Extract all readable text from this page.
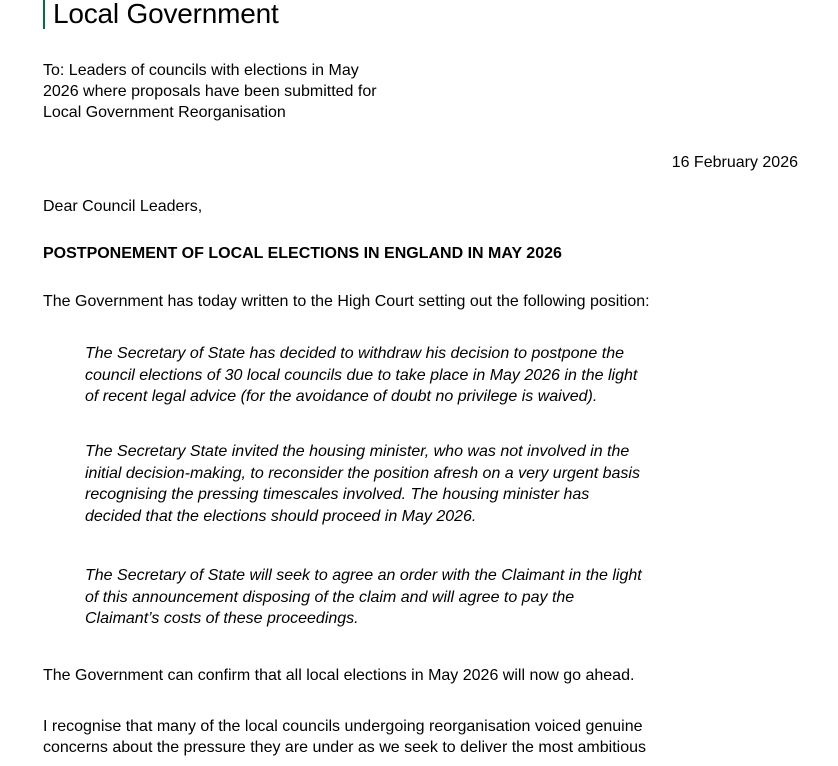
Local Government
To: Leaders of councils with elections in May
2026 where proposals have been submitted for
Local Government Reorganisation
16 February 2026
Dear Council Leaders,
POSTPONEMENT OF LOCAL ELECTIONS IN ENGLAND IN MAY 2026
The Government has today written to the High Court setting out the following position:
The Secretary of State has decided to withdraw his decision to postpone the
council elections of 30 local councils due to take place in May 2026 in the light
of recent legal advice (for the avoidance of doubt no privilege is waived).
The Secretary State invited the housing minister, who was not involved in the
initial decision-making, to reconsider the position afresh on a very urgent basis
recognising the pressing timescales involved. The housing minister has
decided that the elections should proceed in May 2026.
The Secretary of State will seek to agree an order with the Claimant in the light
of this announcement disposing of the claim and will agree to pay the
Claimant’s costs of these proceedings.
The Government can confirm that all local elections in May 2026 will now go ahead.
I recognise that many of the local councils undergoing reorganisation voiced genuine
concerns about the pressure they are under as we seek to deliver the most ambitious
